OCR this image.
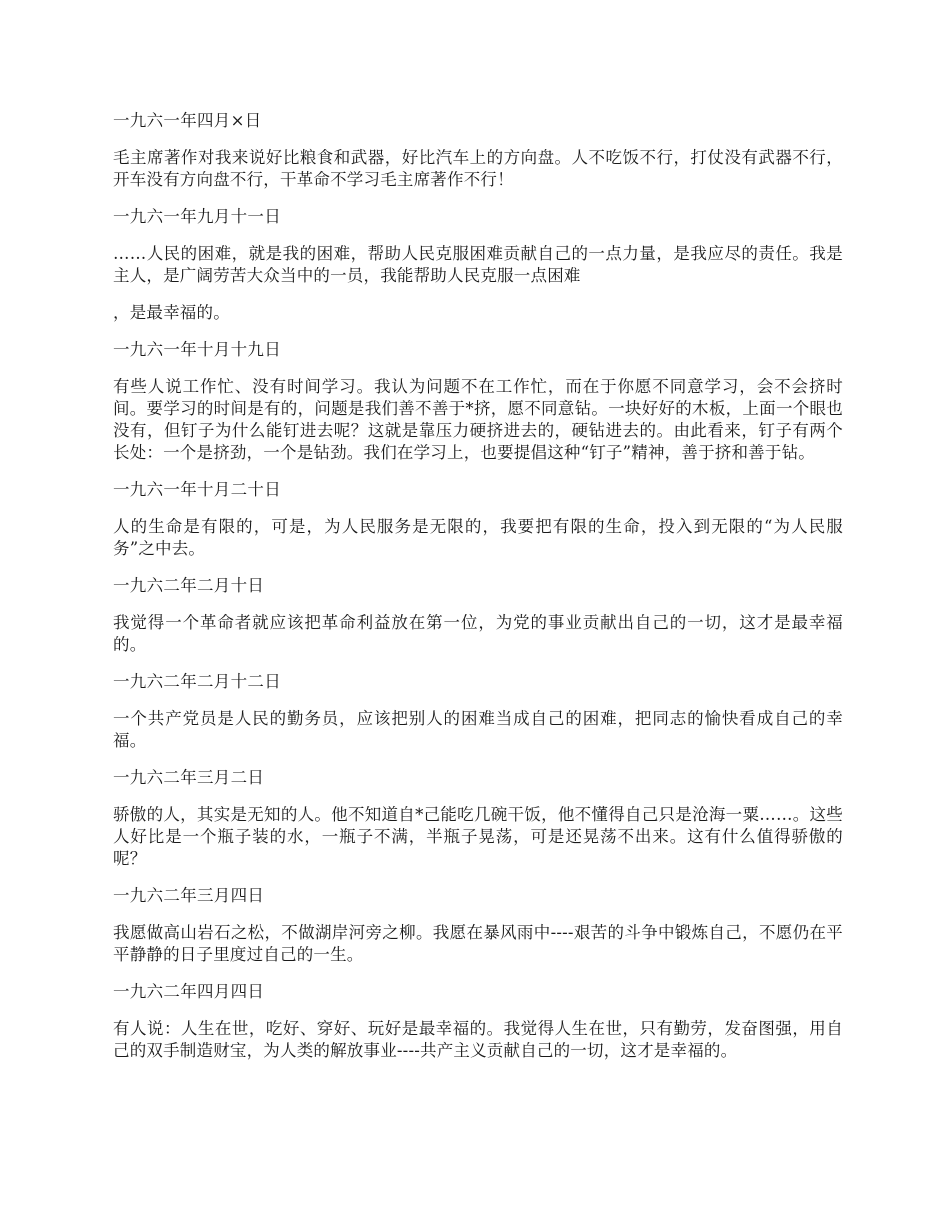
一九六一年四月×日
毛主席著作对我来说好比粮食和武器，好比汽车上的方向盘。人不吃饭不行，打仗没有武器不行，开车没有方向盘不行，干革命不学习毛主席著作不行！
一九六一年九月十一日
……人民的困难，就是我的困难，帮助人民克服困难贡献自己的一点力量，是我应尽的责任。我是主人，是广阔劳苦大众当中的一员，我能帮助人民克服一点困难
，是最幸福的。
一九六一年十月十九日
有些人说工作忙、没有时间学习。我认为问题不在工作忙，而在于你愿不同意学习，会不会挤时间。要学习的时间是有的，问题是我们善不善于*挤，愿不同意钻。一块好好的木板，上面一个眼也没有，但钉子为什么能钉进去呢？这就是靠压力硬挤进去的，硬钻进去的。由此看来，钉子有两个长处：一个是挤劲，一个是钻劲。我们在学习上，也要提倡这种“钉子”精神，善于挤和善于钻。
一九六一年十月二十日
人的生命是有限的，可是，为人民服务是无限的，我要把有限的生命，投入到无限的“为人民服务”之中去。
一九六二年二月十日
我觉得一个革命者就应该把革命利益放在第一位，为党的事业贡献出自己的一切，这才是最幸福的。
一九六二年二月十二日
一个共产党员是人民的勤务员，应该把别人的困难当成自己的困难，把同志的愉快看成自己的幸福。
一九六二年三月二日
骄傲的人，其实是无知的人。他不知道自*己能吃几碗干饭，他不懂得自己只是沧海一粟……。这些人好比是一个瓶子装的水，一瓶子不满，半瓶子晃荡，可是还晃荡不出来。这有什么值得骄傲的呢？
一九六二年三月四日
我愿做高山岩石之松，不做湖岸河旁之柳。我愿在暴风雨中----艰苦的斗争中锻炼自己，不愿仍在平平静静的日子里度过自己的一生。
一九六二年四月四日
有人说：人生在世，吃好、穿好、玩好是最幸福的。我觉得人生在世，只有勤劳，发奋图强，用自己的双手制造财宝，为人类的解放事业----共产主义贡献自己的一切，这才是幸福的。
